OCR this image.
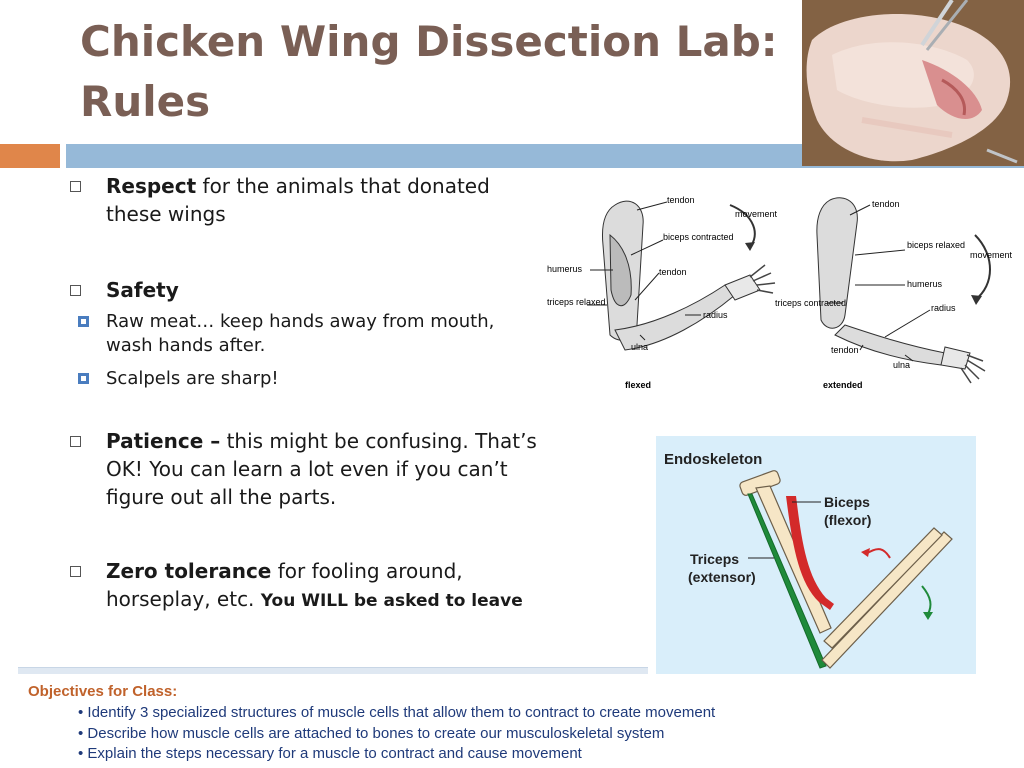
Chicken Wing Dissection Lab: Rules
Respect for the animals that donated these wings
Safety
Raw meat… keep hands away from mouth, wash hands after.
Scalpels are sharp!
Patience – this might be confusing. That’s OK! You can learn a lot even if you can’t figure out all the parts.
Zero tolerance for fooling around, horseplay, etc. You WILL be asked to leave
tendon
movement
biceps contracted
humerus	tendon
triceps relaxed
radius
ulna
flexed
tendon
biceps relaxed
movement
humerus
radius
triceps contracted
tendon
ulna
extended
Endoskeleton
Biceps
(flexor)
Triceps
(extensor)
Objectives for Class:
• Identify 3 specialized structures of muscle cells that allow them to contract to create movement
• Describe how muscle cells are attached to bones to create our musculoskeletal system
• Explain the steps necessary for a muscle to contract and cause movement
